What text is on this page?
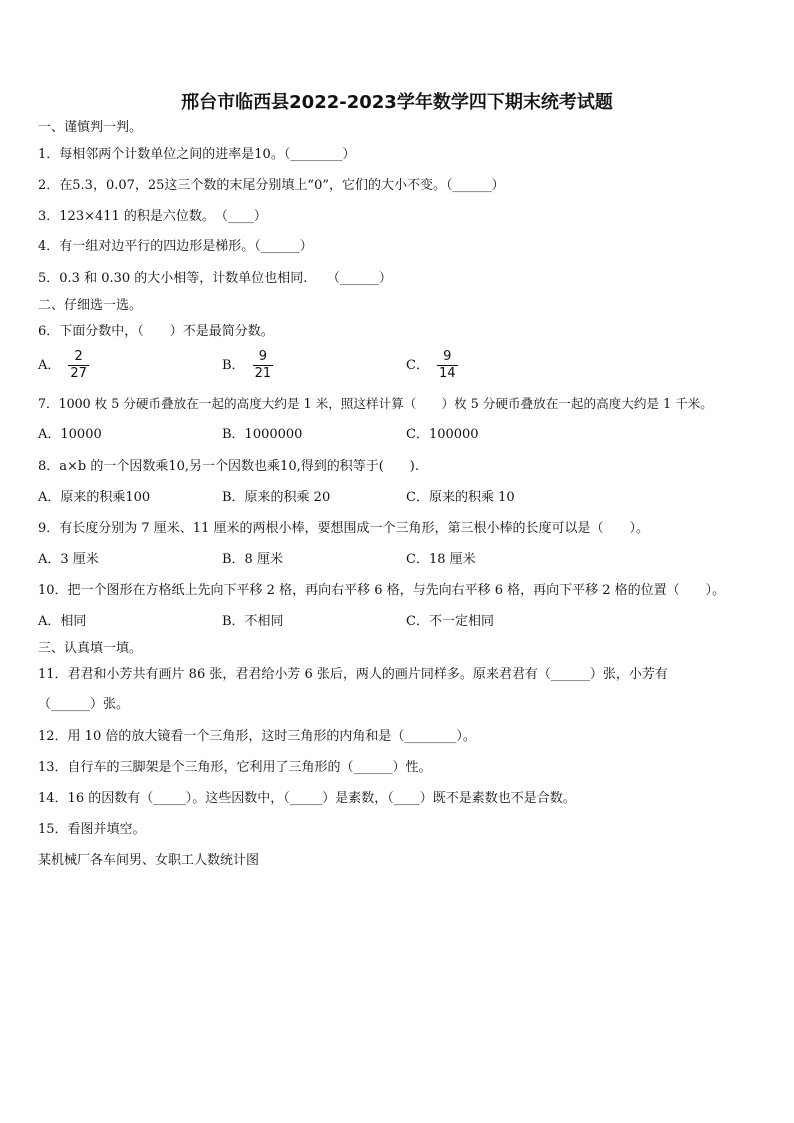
邢台市临西县2022-2023学年数学四下期末统考试题
一、谨慎判一判。
1．每相邻两个计数单位之间的进率是10。（________）
2．在5.3，0.07，25这三个数的末尾分别填上“0”，它们的大小不变。（______）
3．123×411 的积是六位数。　（____）
4．有一组对边平行的四边形是梯形。（______）
5．0.3 和 0.30 的大小相等，计数单位也相同.　　（______）
二、仔细选一选。
6．下面分数中，（　　）不是最简分数。
A． $\frac{2}{27}$	B． $\frac{9}{21}$	C． $\frac{9}{14}$
7．1000 枚 5 分硬币叠放在一起的高度大约是 1 米，照这样计算（　　）枚 5 分硬币叠放在一起的高度大约是 1 千米。
A．10000	B．1000000	C．100000
8．a×b 的一个因数乘10,另一个因数也乘10,得到的积等于(　　).
A．原来的积乘100	B．原来的积乘 20	C．原来的积乘 10
9．有长度分别为 7 厘米、11 厘米的两根小棒，要想围成一个三角形，第三根小棒的长度可以是（　　）。
A．3 厘米	B．8 厘米	C．18 厘米
10．把一个图形在方格纸上先向下平移 2 格，再向右平移 6 格，与先向右平移 6 格，再向下平移 2 格的位置（　　）。
A．相同	B．不相同	C．不一定相同
三、认真填一填。
11．君君和小芳共有画片 86 张，君君给小芳 6 张后，两人的画片同样多。原来君君有（______）张，小芳有
（______）张。
12．用 10 倍的放大镜看一个三角形，这时三角形的内角和是（________）。
13．自行车的三脚架是个三角形，它利用了三角形的（______）性。
14．16 的因数有（_____）。这些因数中，（_____）是素数，（____）既不是素数也不是合数。
15．看图并填空。
某机械厂各车间男、女职工人数统计图
